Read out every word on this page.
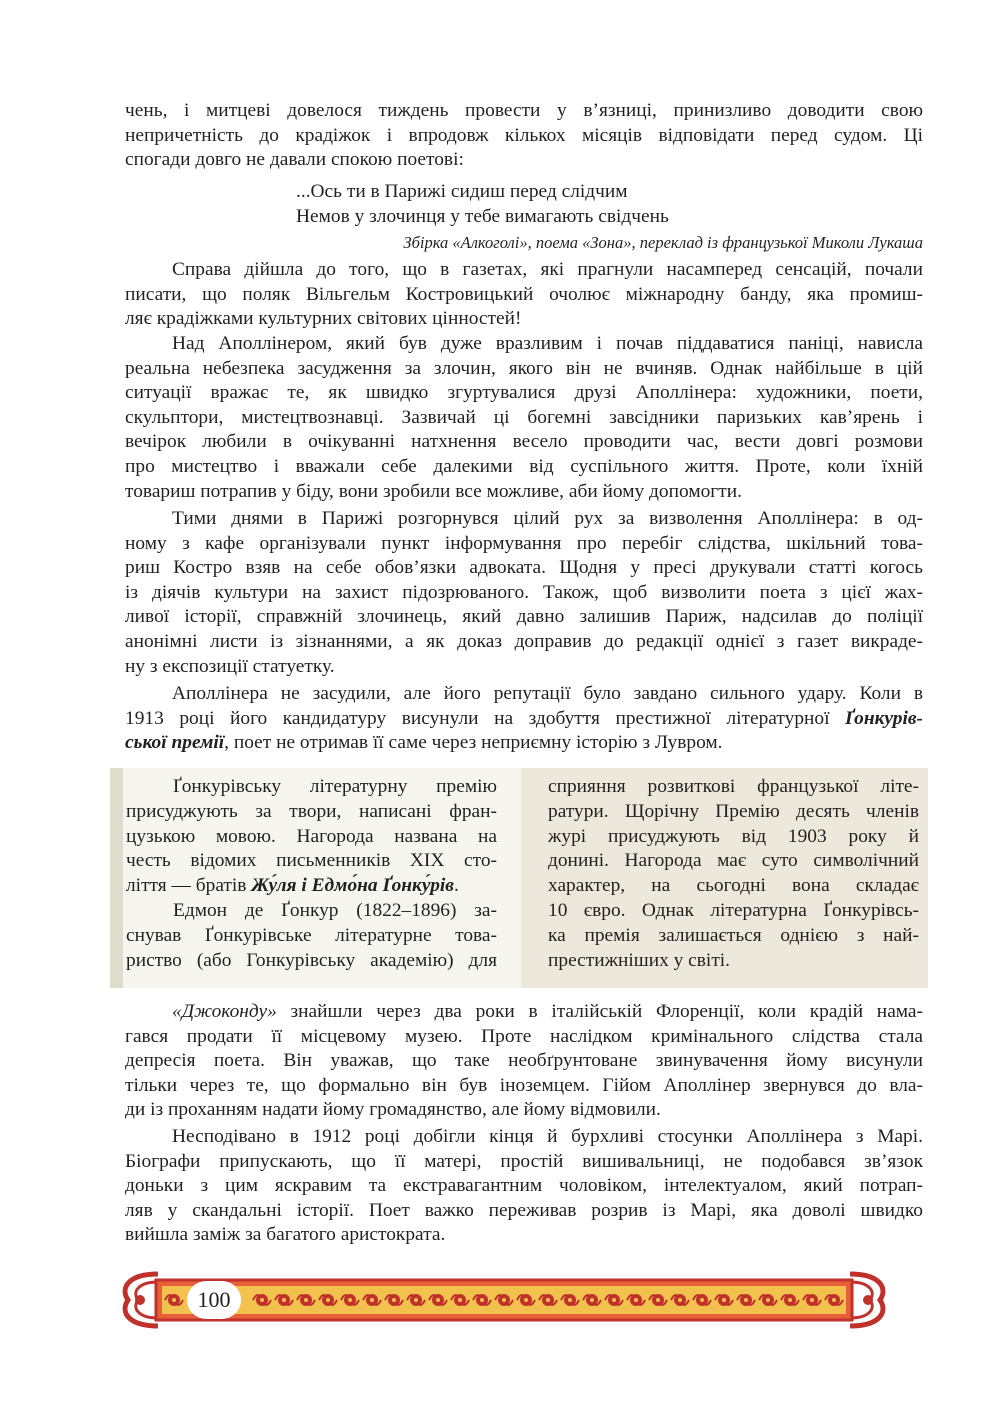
чень, і митцеві довелося тиждень провести у в’язниці, принизливо доводити свою
непричетність до крадіжок і впродовж кількох місяців відповідати перед судом. Ці
спогади довго не давали спокою поетові:
...Ось ти в Парижі сидиш перед слідчим
Немов у злочинця у тебе вимагають свідчень
Збірка «Алкоголі», поема «Зона», переклад із французької Миколи Лукаша
Справа дійшла до того, що в газетах, які прагнули насамперед сенсацій, почали
писати, що поляк Вільгельм Костровицький очолює міжнародну банду, яка промиш-
ляє крадіжками культурних світових цінностей!
Над Аполлінером, який був дуже вразливим і почав піддаватися паніці, нависла
реальна небезпека засудження за злочин, якого він не вчиняв. Однак найбільше в цій
ситуації вражає те, як швидко згуртувалися друзі Аполлінера: художники, поети,
скульптори, мистецтвознавці. Зазвичай ці богемні завсідники паризьких кав’ярень і
вечірок любили в очікуванні натхнення весело проводити час, вести довгі розмови
про мистецтво і вважали себе далекими від суспільного життя. Проте, коли їхній
товариш потрапив у біду, вони зробили все можливе, аби йому допомогти.
Тими днями в Парижі розгорнувся цілий рух за визволення Аполлінера: в од-
ному з кафе організували пункт інформування про перебіг слідства, шкільний това-
риш Костро взяв на себе обов’язки адвоката. Щодня у пресі друкували статті когось
із діячів культури на захист підозрюваного. Також, щоб визволити поета з цієї жах-
ливої історії, справжній злочинець, який давно залишив Париж, надсилав до поліції
анонімні листи із зізнаннями, а як доказ доправив до редакції однієї з газет викраде-
ну з експозиції статуетку.
Аполлінера не засудили, але його репутації було завдано сильного удару. Коли в
1913 році його кандидатуру висунули на здобуття престижної літературної Ґонкурів-
ської премії, поет не отримав її саме через неприємну історію з Лувром.
Ґонкурівську літературну премію
присуджують за твори, написані фран-
цузькою мовою. Нагорода названа на
честь відомих письменників XIX сто-
ліття — братів Жу́ля і Едмо́на Ґонку́рів.
Едмон де Ґонкур (1822–1896) за-
снував Ґонкурівське літературне това-
риство (або Гонкурівську академію) для
сприяння розвиткові французької літе-
ратури. Щорічну Премію десять членів
журі присуджують від 1903 року й
донині. Нагорода має суто символічний
характер, на сьогодні вона складає
10 євро. Однак літературна Ґонкурівсь-
ка премія залишається однією з най-
престижніших у світі.
«Джоконду» знайшли через два роки в італійській Флоренції, коли крадій нама-
гався продати її місцевому музею. Проте наслідком кримінального слідства стала
депресія поета. Він уважав, що таке необґрунтоване звинувачення йому висунули
тільки через те, що формально він був іноземцем. Гійом Аполлінер звернувся до вла-
ди із проханням надати йому громадянство, але йому відмовили.
Несподівано в 1912 році добігли кінця й бурхливі стосунки Аполлінера з Марі.
Біографи припускають, що її матері, простій вишивальниці, не подобався зв’язок
доньки з цим яскравим та екстравагантним чоловіком, інтелектуалом, який потрап-
ляв у скандальні історії. Поет важко переживав розрив із Марі, яка доволі швидко
вийшла заміж за багатого аристократа.
100
